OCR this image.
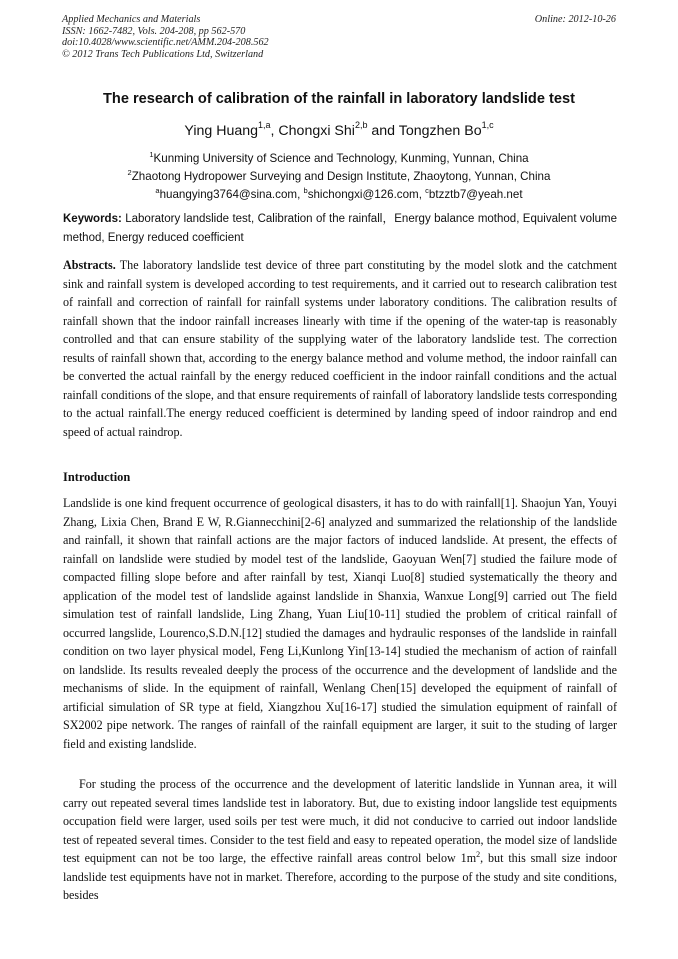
Applied Mechanics and Materials
ISSN: 1662-7482, Vols. 204-208, pp 562-570
doi:10.4028/www.scientific.net/AMM.204-208.562
© 2012 Trans Tech Publications Ltd, Switzerland
Online: 2012-10-26
The research of calibration of the rainfall in laboratory landslide test
Ying Huang$^{1,a}$, Chongxi Shi$^{2,b}$ and Tongzhen Bo$^{1,c}$
$^1$Kunming University of Science and Technology, Kunming, Yunnan, China
$^2$Zhaotong Hydropower Surveying and Design Institute, Zhaoytong, Yunnan, China
$^a$huangying3764@sina.com, $^b$shichongxi@126.com, $^c$btzztb7@yeah.net
Keywords: Laboratory landslide test, Calibration of the rainfall，Energy balance mothod, Equivalent volume method, Energy reduced coefficient
Abstracts. The laboratory landslide test device of three part constituting by the model slotk and the catchment sink and rainfall system is developed according to test requirements, and it carried out to research calibration test of rainfall and correction of rainfall for rainfall systems under laboratory conditions. The calibration results of rainfall shown that the indoor rainfall increases linearly with time if the opening of the water-tap is reasonably controlled and that can ensure stability of the supplying water of the laboratory landslide test. The correction results of rainfall shown that, according to the energy balance method and volume method, the indoor rainfall can be converted the actual rainfall by the energy reduced coefficient in the indoor rainfall conditions and the actual rainfall conditions of the slope, and that ensure requirements of rainfall of laboratory landslide tests corresponding to the actual rainfall.The energy reduced coefficient is determined by landing speed of indoor raindrop and end speed of actual raindrop.
Introduction

Landslide is one kind frequent occurrence of geological disasters, it has to do with rainfall[1]. Shaojun Yan, Youyi Zhang, Lixia Chen, Brand E W, R.Giannecchini[2-6] analyzed and summarized the relationship of the landslide and rainfall, it shown that rainfall actions are the major factors of induced landslide. At present, the effects of rainfall on landslide were studied by model test of the landslide, Gaoyuan Wen[7] studied the failure mode of compacted filling slope before and after rainfall by test, Xianqi Luo[8] studied systematically the theory and application of the model test of landslide against landslide in Shanxia, Wanxue Long[9] carried out The field simulation test of rainfall landslide, Ling Zhang, Yuan Liu[10-11] studied the problem of critical rainfall of occurred langslide, Lourenco,S.D.N.[12] studied the damages and hydraulic responses of the landslide in rainfall condition on two layer physical model, Feng Li,Kunlong Yin[13-14] studied the mechanism of action of rainfall on landslide. Its results revealed deeply the process of the occurrence and the development of landslide and the mechanisms of slide. In the equipment of rainfall, Wenlang Chen[15] developed the equipment of rainfall of artificial simulation of SR type at field, Xiangzhou Xu[16-17] studied the simulation equipment of rainfall of SX2002 pipe network. The ranges of rainfall of the rainfall equipment are larger, it suit to the studing of larger field and existing landslide.

For studing the process of the occurrence and the development of lateritic landslide in Yunnan area, it will carry out repeated several times landslide test in laboratory. But, due to existing indoor langslide test equipments occupation field were larger, used soils per test were much, it did not conducive to carried out indoor landslide test of repeated several times. Consider to the test field and easy to repeated operation, the model size of landslide test equipment can not be too large, the effective rainfall areas control below $1m^2$, but this small size indoor landslide test equipments have not in market. Therefore, according to the purpose of the study and site conditions, besides
